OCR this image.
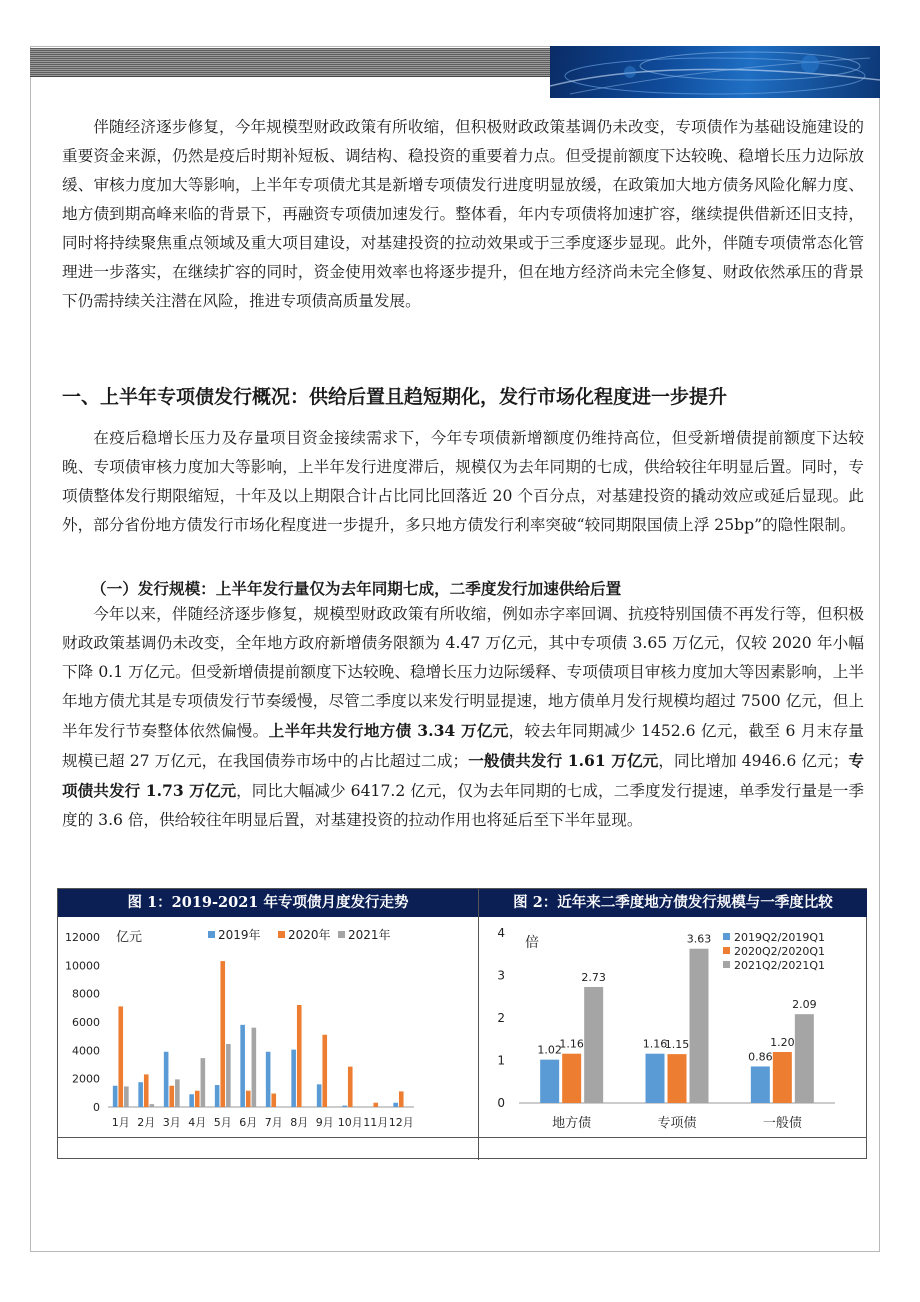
伴随经济逐步修复，今年规模型财政政策有所收缩，但积极财政政策基调仍未改变，专项债作为基础设施建设的重要资金来源，仍然是疫后时期补短板、调结构、稳投资的重要着力点。但受提前额度下达较晚、稳增长压力边际放缓、审核力度加大等影响，上半年专项债尤其是新增专项债发行进度明显放缓，在政策加大地方债务风险化解力度、地方债到期高峰来临的背景下，再融资专项债加速发行。整体看，年内专项债将加速扩容，继续提供借新还旧支持，同时将持续聚焦重点领域及重大项目建设，对基建投资的拉动效果或于三季度逐步显现。此外，伴随专项债常态化管理进一步落实，在继续扩容的同时，资金使用效率也将逐步提升，但在地方经济尚未完全修复、财政依然承压的背景下仍需持续关注潜在风险，推进专项债高质量发展。

一、上半年专项债发行概况：供给后置且趋短期化，发行市场化程度进一步提升

在疫后稳增长压力及存量项目资金接续需求下，今年专项债新增额度仍维持高位，但受新增债提前额度下达较晚、专项债审核力度加大等影响，上半年发行进度滞后，规模仅为去年同期的七成，供给较往年明显后置。同时，专项债整体发行期限缩短，十年及以上期限合计占比同比回落近 20 个百分点，对基建投资的撬动效应或延后显现。此外，部分省份地方债发行市场化程度进一步提升，多只地方债发行利率突破“较同期限国债上浮 25bp”的隐性限制。

（一）发行规模：上半年发行量仅为去年同期七成，二季度发行加速供给后置

今年以来，伴随经济逐步修复，规模型财政政策有所收缩，例如赤字率回调、抗疫特别国债不再发行等，但积极财政政策基调仍未改变，全年地方政府新增债务限额为 4.47 万亿元，其中专项债 3.65 万亿元，仅较 2020 年小幅下降 0.1 万亿元。但受新增债提前额度下达较晚、稳增长压力边际缓释、专项债项目审核力度加大等因素影响，上半年地方债尤其是专项债发行节奏缓慢，尽管二季度以来发行明显提速，地方债单月发行规模均超过 7500 亿元，但上半年发行节奏整体依然偏慢。上半年共发行地方债 3.34 万亿元，较去年同期减少 1452.6 亿元，截至 6 月末存量规模已超 27 万亿元，在我国债券市场中的占比超过二成；一般债共发行 1.61 万亿元，同比增加 4946.6 亿元；专项债共发行 1.73 万亿元，同比大幅减少 6417.2 亿元，仅为去年同期的七成，二季度发行提速，单季发行量是一季度的 3.6 倍，供给较往年明显后置，对基建投资的拉动作用也将延后至下半年显现。

图 1：2019-2021 年专项债月度发行走势	图 2：近年来二季度地方债发行规模与一季度比较
0
2000
4000
6000
8000
10000
12000 亿元
1月 2月 3月 4月 5月 6月 7月 8月 9月 10月 11月 12月
2019年 2020年 2021年
0
1
2
3
4
倍
1.02
1.16
2.73
地方债
1.16
1.15
3.63
专项债
0.86
1.20
2.09
一般债
2019Q2/2019Q1
2020Q2/2020Q1
2021Q2/2021Q1
